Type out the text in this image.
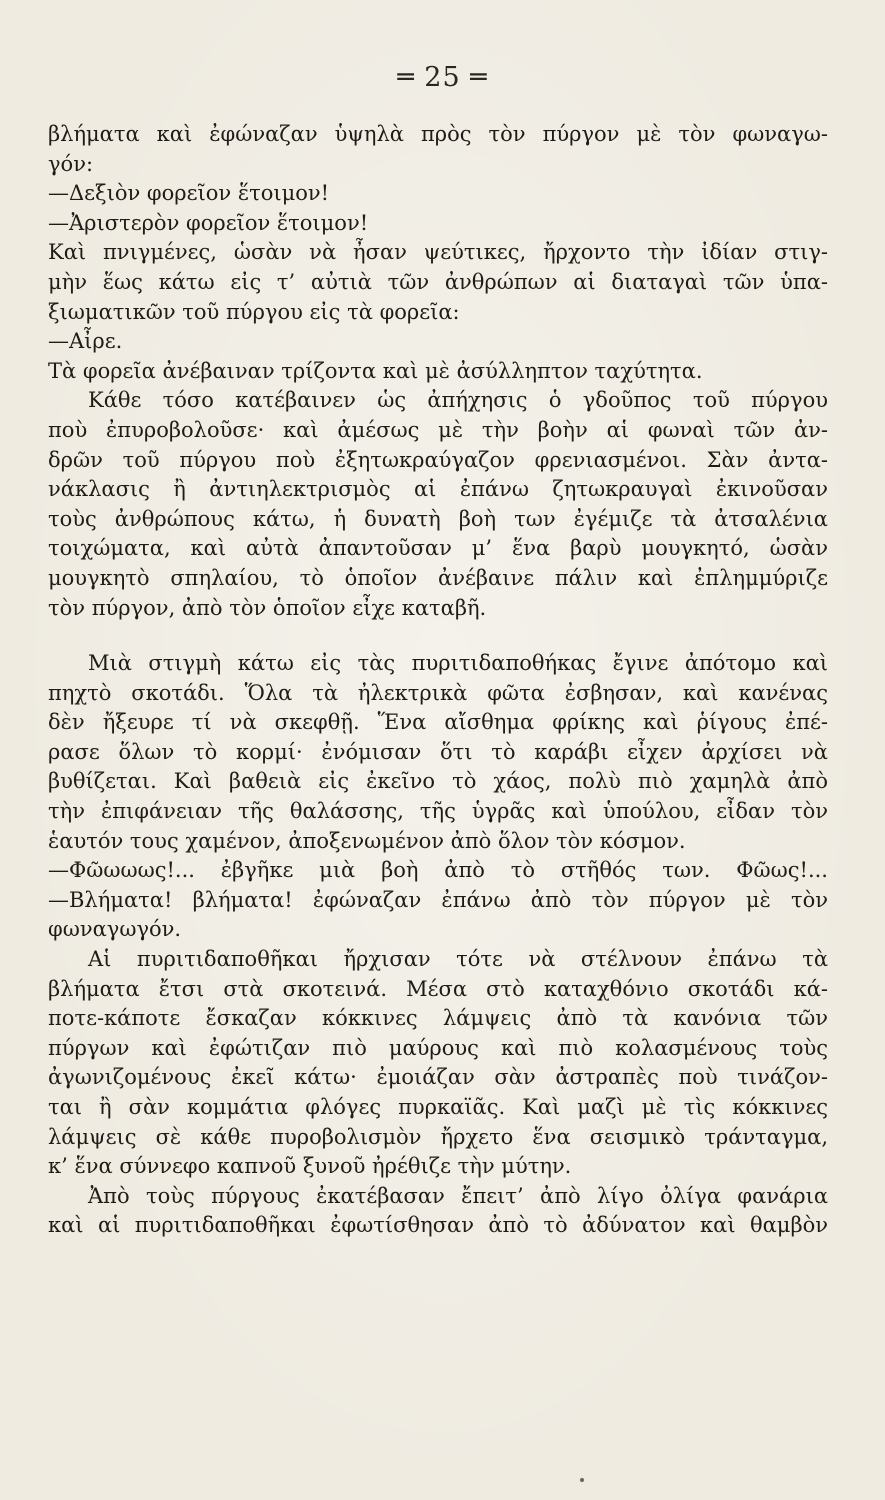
═ 25 ═
βλήματα καὶ ἐφώναζαν ὑψηλὰ πρὸς τὸν πύργον μὲ τὸν φωναγω-
γόν:
—Δεξιὸν φορεῖον ἕτοιμον!
—Ἀριστερὸν φορεῖον ἕτοιμον!
Καὶ πνιγμένες, ὡσὰν νὰ ἦσαν ψεύτικες, ἤρχοντο τὴν ἰδίαν στιγ-
μὴν ἕως κάτω εἰς τ’ αὐτιὰ τῶν ἀνθρώπων αἱ διαταγαὶ τῶν ὑπα-
ξιωματικῶν τοῦ πύργου εἰς τὰ φορεῖα:
—Αἶρε.
Τὰ φορεῖα ἀνέβαιναν τρίζοντα καὶ μὲ ἀσύλληπτον ταχύτητα.
Κάθε τόσο κατέβαινεν ὡς ἀπήχησις ὁ γδοῦπος τοῦ πύργου
ποὺ ἐπυροβολοῦσε· καὶ ἀμέσως μὲ τὴν βοὴν αἱ φωναὶ τῶν ἀν-
δρῶν τοῦ πύργου ποὺ ἐξητωκραύγαζον φρενιασμένοι. Σὰν ἀντα-
νάκλασις ἢ ἀντιηλεκτρισμὸς αἱ ἐπάνω ζητωκραυγαὶ ἐκινοῦσαν
τοὺς ἀνθρώπους κάτω, ἡ δυνατὴ βοὴ των ἐγέμιζε τὰ ἀτσαλένια
τοιχώματα, καὶ αὐτὰ ἀπαντοῦσαν μ’ ἕνα βαρὺ μουγκητό, ὡσὰν
μουγκητὸ σπηλαίου, τὸ ὁποῖον ἀνέβαινε πάλιν καὶ ἐπλημμύριζε
τὸν πύργον, ἀπὸ τὸν ὁποῖον εἶχε καταβῆ.
Μιὰ στιγμὴ κάτω εἰς τὰς πυριτιδαποθήκας ἔγινε ἀπότομο καὶ
πηχτὸ σκοτάδι. Ὅλα τὰ ἠλεκτρικὰ φῶτα ἐσβησαν, καὶ κανένας
δὲν ἤξευρε τί νὰ σκεφθῇ. Ἕνα αἴσθημα φρίκης καὶ ῥίγους ἐπέ-
ρασε ὅλων τὸ κορμί· ἐνόμισαν ὅτι τὸ καράβι εἶχεν ἀρχίσει νὰ
βυθίζεται. Καὶ βαθειὰ εἰς ἐκεῖνο τὸ χάος, πολὺ πιὸ χαμηλὰ ἀπὸ
τὴν ἐπιφάνειαν τῆς θαλάσσης, τῆς ὑγρᾶς καὶ ὑπούλου, εἶδαν τὸν
ἑαυτόν τους χαμένον, ἀποξενωμένον ἀπὸ ὅλον τὸν κόσμον.
—Φῶωωως!... ἐβγῆκε μιὰ βοὴ ἀπὸ τὸ στῆθός των. Φῶως!...
—Βλήματα! βλήματα! ἐφώναζαν ἐπάνω ἀπὸ τὸν πύργον μὲ τὸν
φωναγωγόν.
Αἱ πυριτιδαποθῆκαι ἤρχισαν τότε νὰ στέλνουν ἐπάνω τὰ
βλήματα ἔτσι στὰ σκοτεινά. Μέσα στὸ καταχθόνιο σκοτάδι κά-
ποτε-κάποτε ἔσκαζαν κόκκινες λάμψεις ἀπὸ τὰ κανόνια τῶν
πύργων καὶ ἐφώτιζαν πιὸ μαύρους καὶ πιὸ κολασμένους τοὺς
ἀγωνιζομένους ἐκεῖ κάτω· ἐμοιάζαν σὰν ἀστραπὲς ποὺ τινάζον-
ται ἢ σὰν κομμάτια φλόγες πυρκαϊᾶς. Καὶ μαζὶ μὲ τὶς κόκκινες
λάμψεις σὲ κάθε πυροβολισμὸν ἤρχετο ἕνα σεισμικὸ τράνταγμα,
κ’ ἕνα σύννεφο καπνοῦ ξυνοῦ ἠρέθιζε τὴν μύτην.
Ἀπὸ τοὺς πύργους ἐκατέβασαν ἔπειτ’ ἀπὸ λίγο ὀλίγα φανάρια
καὶ αἱ πυριτιδαποθῆκαι ἐφωτίσθησαν ἀπὸ τὸ ἀδύνατον καὶ θαμβὸν
